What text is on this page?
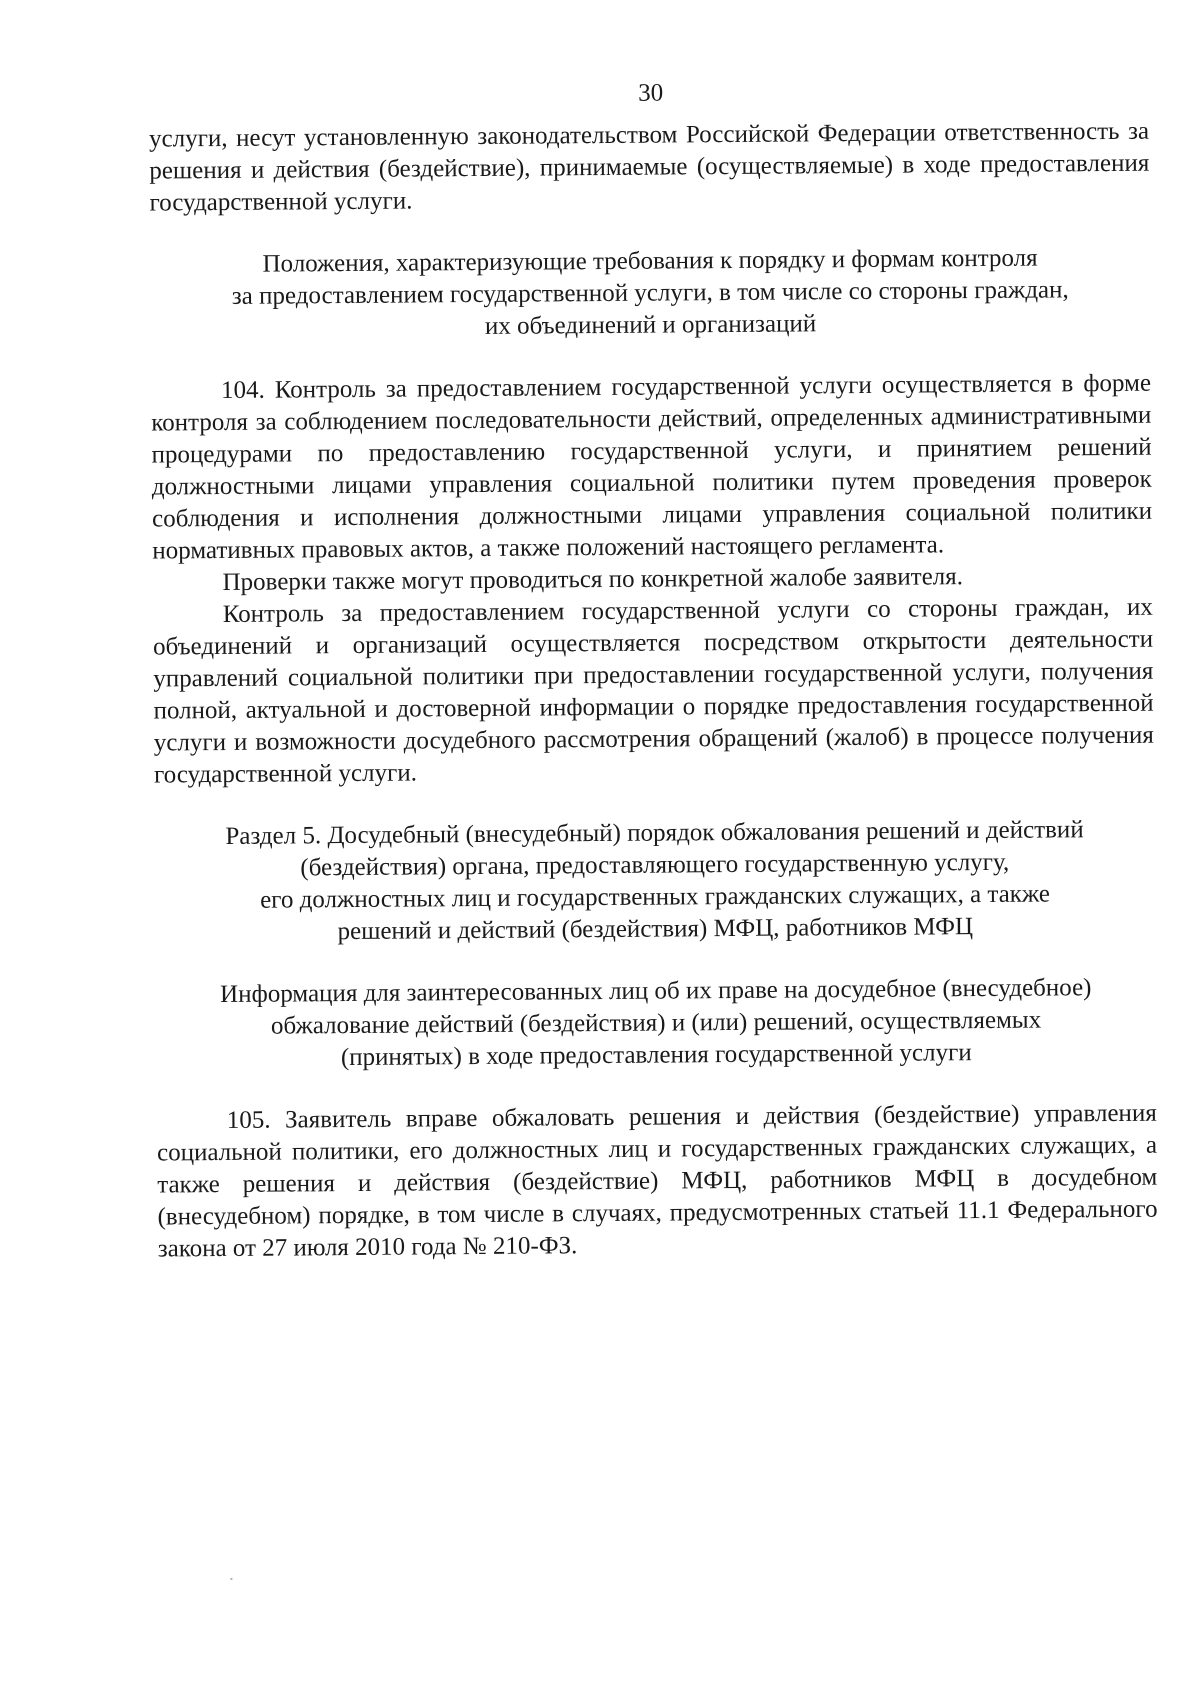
30

услуги, несут установленную законодательством Российской Федерации ответственность за решения и действия (бездействие), принимаемые (осуществляемые) в ходе предоставления государственной услуги.

Положения, характеризующие требования к порядку и формам контроля

за предоставлением государственной услуги, в том числе со стороны граждан,

их объединений и организаций

104. Контроль за предоставлением государственной услуги осуществляется в форме контроля за соблюдением последовательности действий, определенных административными процедурами по предоставлению государственной услуги, и принятием решений должностными лицами управления социальной политики путем проведения проверок соблюдения и исполнения должностными лицами управления социальной политики нормативных правовых актов, а также положений настоящего регламента.

Проверки также могут проводиться по конкретной жалобе заявителя.

Контроль за предоставлением государственной услуги со стороны граждан, их объединений и организаций осуществляется посредством открытости деятельности управлений социальной политики при предоставлении государственной услуги, получения полной, актуальной и достоверной информации о порядке предоставления государственной услуги и возможности досудебного рассмотрения обращений (жалоб) в процессе получения государственной услуги.

Раздел 5. Досудебный (внесудебный) порядок обжалования решений и действий

(бездействия) органа, предоставляющего государственную услугу,

его должностных лиц и государственных гражданских служащих, а также

решений и действий (бездействия) МФЦ, работников МФЦ

Информация для заинтересованных лиц об их праве на досудебное (внесудебное)

обжалование действий (бездействия) и (или) решений, осуществляемых

(принятых) в ходе предоставления государственной услуги

105. Заявитель вправе обжаловать решения и действия (бездействие) управления социальной политики, его должностных лиц и государственных гражданских служащих, а также решения и действия (бездействие) МФЦ, работников МФЦ в досудебном (внесудебном) порядке, в том числе в случаях, предусмотренных статьей 11.1 Федерального закона от 27 июля 2010 года № 210-ФЗ.
